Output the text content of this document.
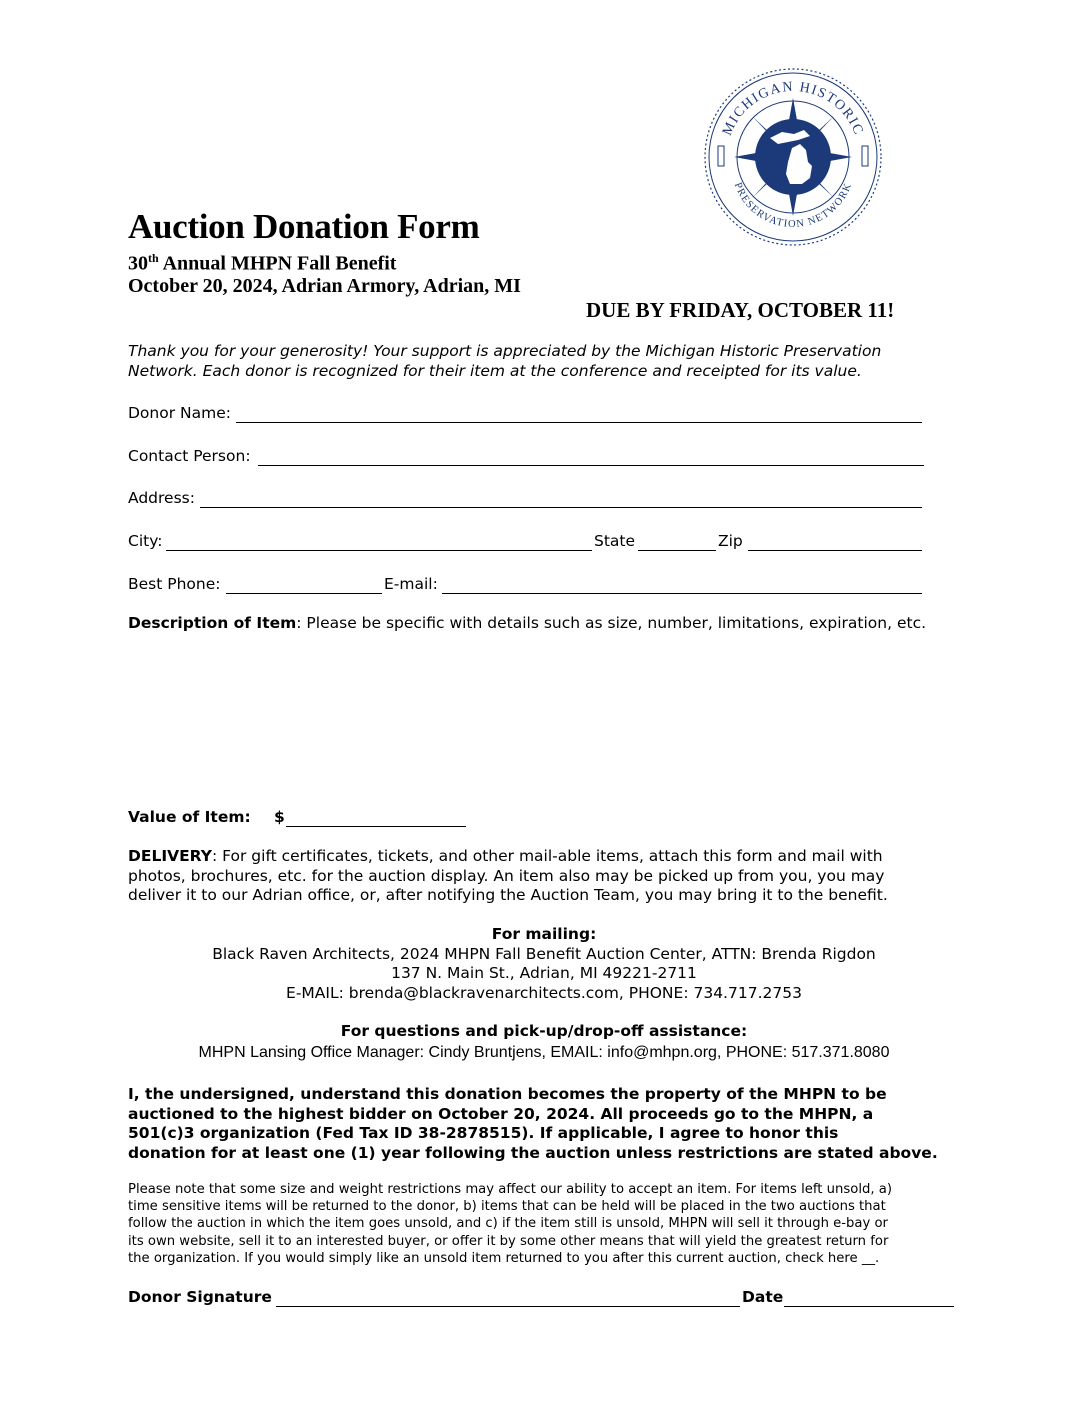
MICHIGAN HISTORIC
PRESERVATION NETWORK
Auction Donation Form
30th Annual MHPN Fall Benefit
October 20, 2024, Adrian Armory, Adrian, MI
DUE BY FRIDAY, OCTOBER 11!
Thank you for your generosity! Your support is appreciated by the Michigan Historic Preservation
Network. Each donor is recognized for their item at the conference and receipted for its value.
Donor Name:
Contact Person:
Address:
City:	State	Zip
Best Phone:	E-mail:
Description of Item: Please be specific with details such as size, number, limitations, expiration, etc.
Value of Item: $
DELIVERY: For gift certificates, tickets, and other mail-able items, attach this form and mail with
photos, brochures, etc. for the auction display. An item also may be picked up from you, you may
deliver it to our Adrian office, or, after notifying the Auction Team, you may bring it to the benefit.
For mailing:
Black Raven Architects, 2024 MHPN Fall Benefit Auction Center, ATTN: Brenda Rigdon
137 N. Main St., Adrian, MI 49221-2711
E-MAIL: brenda@blackravenarchitects.com, PHONE: 734.717.2753
For questions and pick-up/drop-off assistance:
MHPN Lansing Office Manager: Cindy Bruntjens, EMAIL: info@mhpn.org, PHONE: 517.371.8080
I, the undersigned, understand this donation becomes the property of the MHPN to be
auctioned to the highest bidder on October 20, 2024. All proceeds go to the MHPN, a
501(c)3 organization (Fed Tax ID 38-2878515). If applicable, I agree to honor this
donation for at least one (1) year following the auction unless restrictions are stated above.
Please note that some size and weight restrictions may affect our ability to accept an item. For items left unsold, a)
time sensitive items will be returned to the donor, b) items that can be held will be placed in the two auctions that
follow the auction in which the item goes unsold, and c) if the item still is unsold, MHPN will sell it through e-bay or
its own website, sell it to an interested buyer, or offer it by some other means that will yield the greatest return for
the organization. If you would simply like an unsold item returned to you after this current auction, check here __.
Donor Signature	Date
